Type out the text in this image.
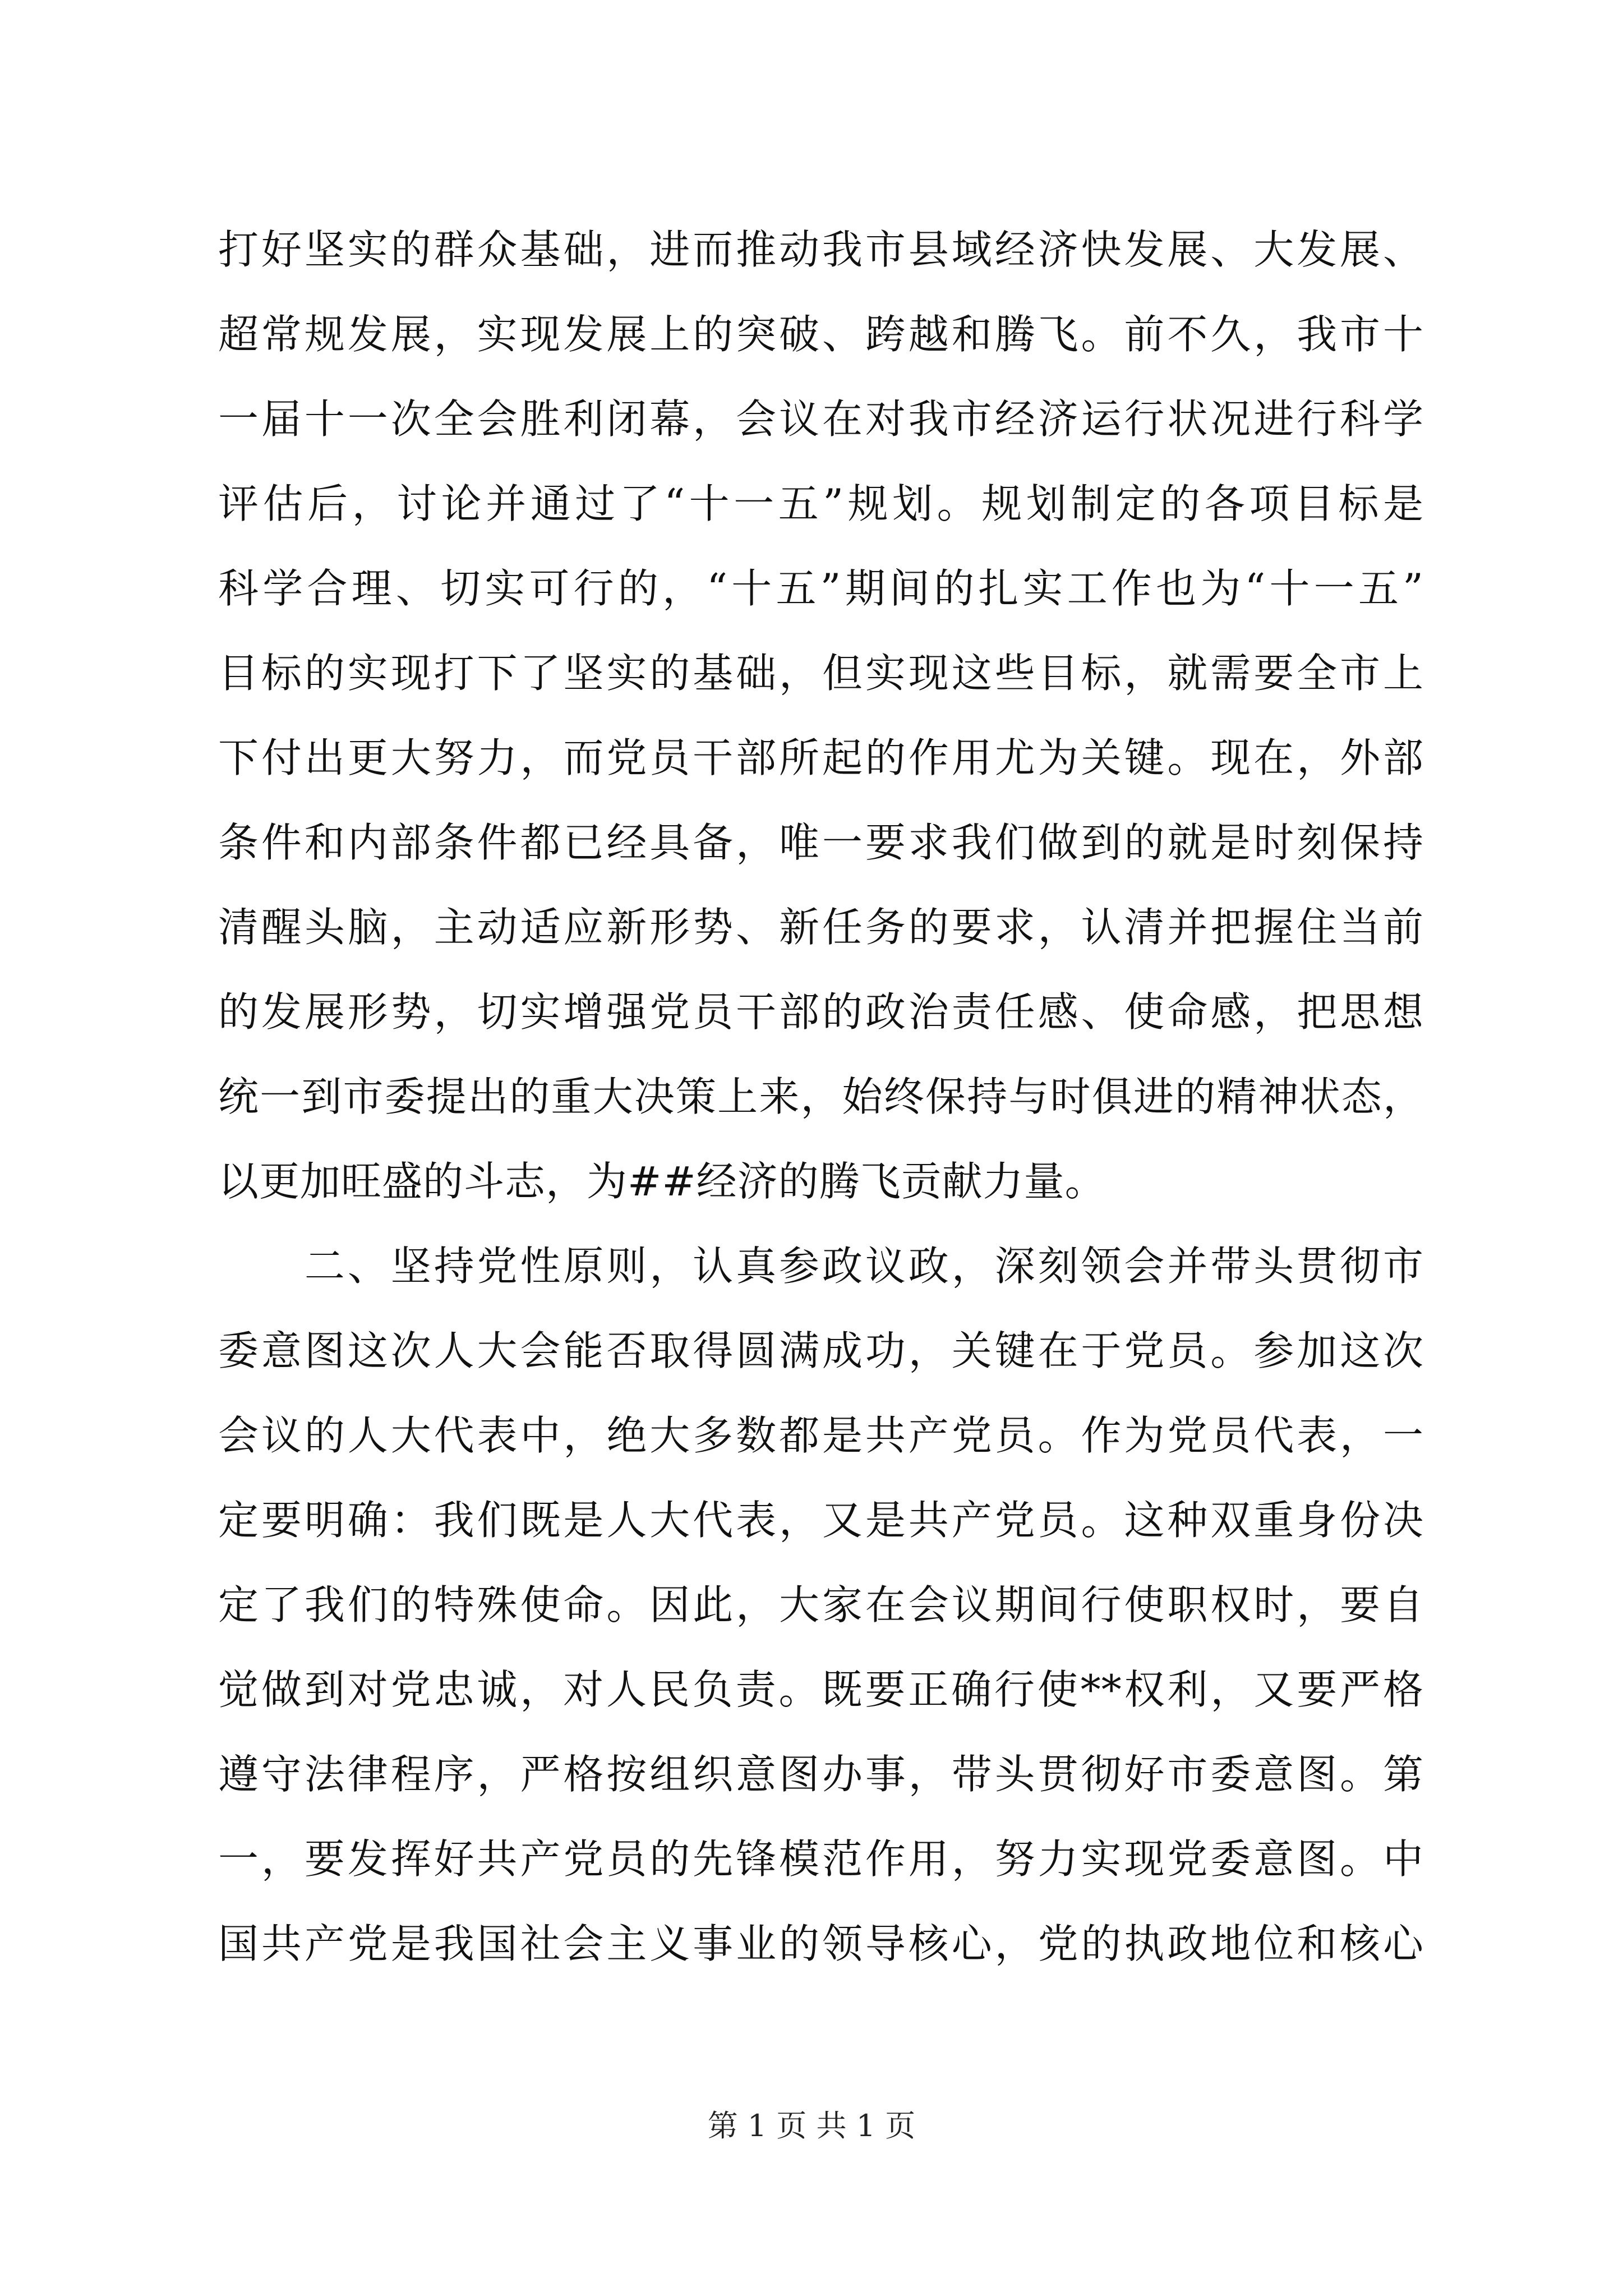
打好坚实的群众基础，进而推动我市县域经济快发展、大发展、
超常规发展，实现发展上的突破、跨越和腾飞。前不久，我市十
一届十一次全会胜利闭幕，会议在对我市经济运行状况进行科学
评估后，讨论并通过了“十一五”规划。规划制定的各项目标是
科学合理、切实可行的，“十五”期间的扎实工作也为“十一五”
目标的实现打下了坚实的基础，但实现这些目标，就需要全市上
下付出更大努力，而党员干部所起的作用尤为关键。现在，外部
条件和内部条件都已经具备，唯一要求我们做到的就是时刻保持
清醒头脑，主动适应新形势、新任务的要求，认清并把握住当前
的发展形势，切实增强党员干部的政治责任感、使命感，把思想
统一到市委提出的重大决策上来，始终保持与时俱进的精神状态，
以更加旺盛的斗志，为##经济的腾飞贡献力量。
　　二、坚持党性原则，认真参政议政，深刻领会并带头贯彻市
委意图这次人大会能否取得圆满成功，关键在于党员。参加这次
会议的人大代表中，绝大多数都是共产党员。作为党员代表，一
定要明确：我们既是人大代表，又是共产党员。这种双重身份决
定了我们的特殊使命。因此，大家在会议期间行使职权时，要自
觉做到对党忠诚，对人民负责。既要正确行使**权利，又要严格
遵守法律程序，严格按组织意图办事，带头贯彻好市委意图。第
一，要发挥好共产党员的先锋模范作用，努力实现党委意图。中
国共产党是我国社会主义事业的领导核心，党的执政地位和核心
第 1 页 共 1 页
